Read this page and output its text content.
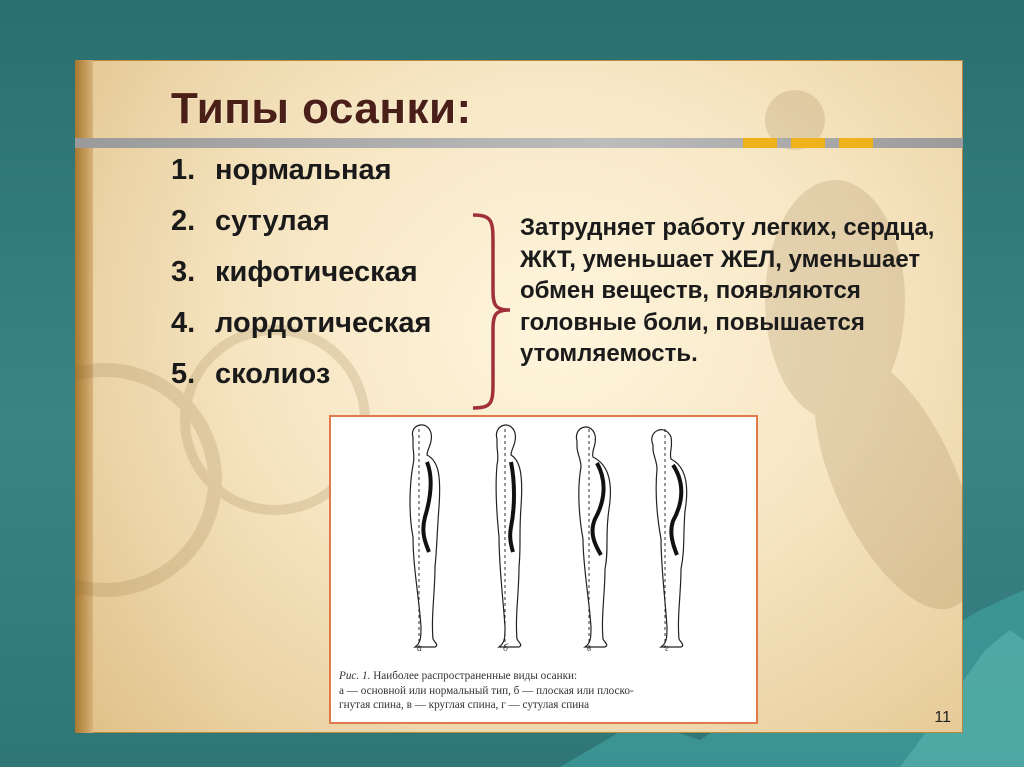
Типы осанки:
1. нормальная
2. сутулая
3. кифотическая
4. лордотическая
5. сколиоз
Затрудняет работу легких, сердца, ЖКТ, уменьшает ЖЕЛ, уменьшает обмен веществ, появляются головные боли, повышается утомляемость.
а	б	в	г
Рис. 1. Наиболее распространенные виды осанки:
а — основной или нормальный тип, б — плоская или плоско-
гнутая спина, в — круглая спина, г — сутулая спина
11
